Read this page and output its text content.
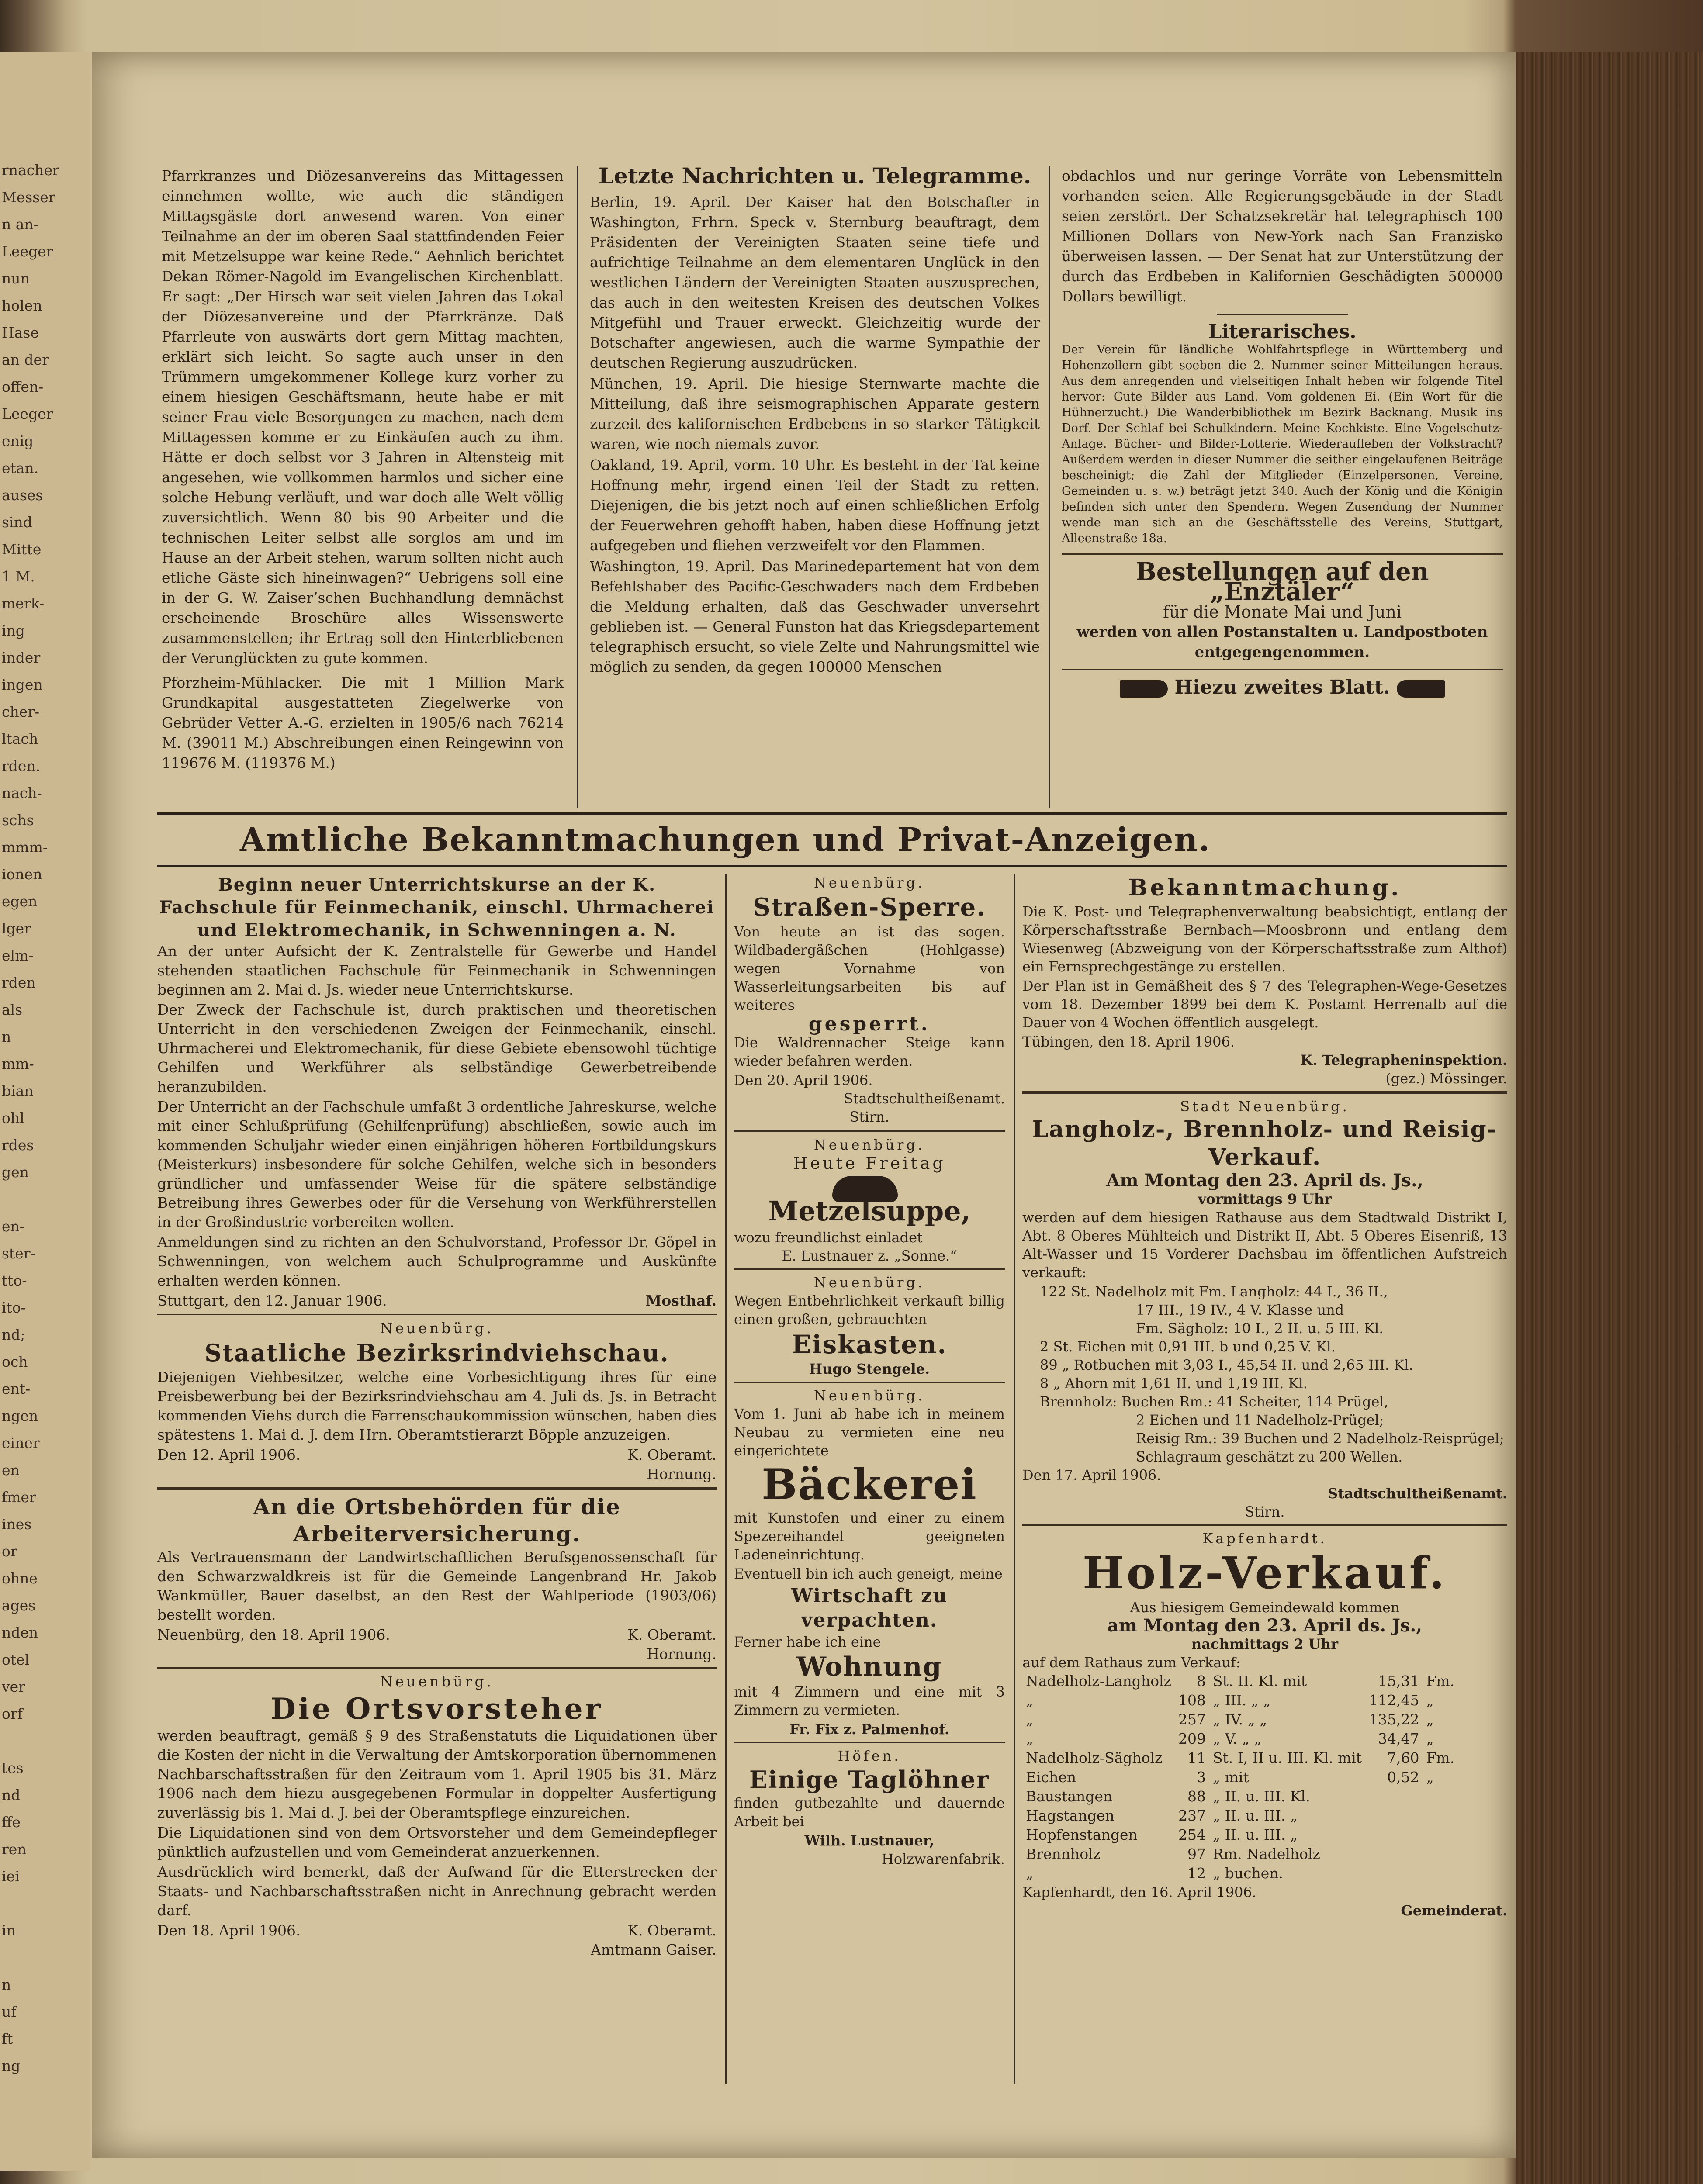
rnacher
Messer
n an-
Leeger
nun
holen
Hase
an der
offen-
Leeger
enig
etan.
auses
sind
Mitte
1 M.
merk-
ing
inder
ingen
cher-
ltach
rden.
nach-
schs
mmm-
ionen
egen
lger
elm-
rden
als
n
mm-
bian
ohl
rdes
gen
en-
ster-
tto-
ito-
nd;
och
ent-
ngen
einer
en
fmer
ines
or
ohne
ages
nden
otel
ver
orf
tes
nd
ffe
ren
iei
in
n
uf
ft
ng

Pfarrkranzes und Diözesanvereins das Mittagessen einnehmen wollte, wie auch die ständigen Mittagsgäste dort anwesend waren. Von einer Teilnahme an der im oberen Saal stattfindenden Feier mit Metzelsuppe war keine Rede.“ Aehnlich berichtet Dekan Römer-Nagold im Evangelischen Kirchenblatt. Er sagt: „Der Hirsch war seit vielen Jahren das Lokal der Diözesanvereine und der Pfarrkränze. Daß Pfarrleute von auswärts dort gern Mittag machten, erklärt sich leicht. So sagte auch unser in den Trümmern umgekommener Kollege kurz vorher zu einem hiesigen Geschäftsmann, heute habe er mit seiner Frau viele Besorgungen zu machen, nach dem Mittagessen komme er zu Einkäufen auch zu ihm. Hätte er doch selbst vor 3 Jahren in Altensteig mit angesehen, wie vollkommen harmlos und sicher eine solche Hebung verläuft, und war doch alle Welt völlig zuversichtlich. Wenn 80 bis 90 Arbeiter und die technischen Leiter selbst alle sorglos am und im Hause an der Arbeit stehen, warum sollten nicht auch etliche Gäste sich hineinwagen?“ Uebrigens soll eine in der G. W. Zaiser’schen Buchhandlung demnächst erscheinende Broschüre alles Wissenswerte zusammenstellen; ihr Ertrag soll den Hinterbliebenen der Verunglückten zu gute kommen.

Pforzheim-Mühlacker. Die mit 1 Million Mark Grundkapital ausgestatteten Ziegelwerke von Gebrüder Vetter A.-G. erzielten in 1905/6 nach 76214 M. (39011 M.) Abschreibungen einen Reingewinn von 119676 M. (119376 M.)

Letzte Nachrichten u. Telegramme.

Berlin, 19. April. Der Kaiser hat den Botschafter in Washington, Frhrn. Speck v. Sternburg beauftragt, dem Präsidenten der Vereinigten Staaten seine tiefe und aufrichtige Teilnahme an dem elementaren Unglück in den westlichen Ländern der Vereinigten Staaten auszusprechen, das auch in den weitesten Kreisen des deutschen Volkes Mitgefühl und Trauer erweckt. Gleichzeitig wurde der Botschafter angewiesen, auch die warme Sympathie der deutschen Regierung auszudrücken.

München, 19. April. Die hiesige Sternwarte machte die Mitteilung, daß ihre seismographischen Apparate gestern zurzeit des kalifornischen Erdbebens in so starker Tätigkeit waren, wie noch niemals zuvor.

Oakland, 19. April, vorm. 10 Uhr. Es besteht in der Tat keine Hoffnung mehr, irgend einen Teil der Stadt zu retten. Diejenigen, die bis jetzt noch auf einen schließlichen Erfolg der Feuerwehren gehofft haben, haben diese Hoffnung jetzt aufgegeben und fliehen verzweifelt vor den Flammen.

Washington, 19. April. Das Marinedepartement hat von dem Befehlshaber des Pacific-Geschwaders nach dem Erdbeben die Meldung erhalten, daß das Geschwader unversehrt geblieben ist. — General Funston hat das Kriegsdepartement telegraphisch ersucht, so viele Zelte und Nahrungsmittel wie möglich zu senden, da gegen 100000 Menschen

obdachlos und nur geringe Vorräte von Lebensmitteln vorhanden seien. Alle Regierungsgebäude in der Stadt seien zerstört. Der Schatzsekretär hat telegraphisch 100 Millionen Dollars von New-York nach San Franzisko überweisen lassen. — Der Senat hat zur Unterstützung der durch das Erdbeben in Kalifornien Geschädigten 500000 Dollars bewilligt.

Literarisches.

Der Verein für ländliche Wohlfahrtspflege in Württemberg und Hohenzollern gibt soeben die 2. Nummer seiner Mitteilungen heraus. Aus dem anregenden und vielseitigen Inhalt heben wir folgende Titel hervor: Gute Bilder aus Land. Vom goldenen Ei. (Ein Wort für die Hühnerzucht.) Die Wanderbibliothek im Bezirk Backnang. Musik ins Dorf. Der Schlaf bei Schulkindern. Meine Kochkiste. Eine Vogelschutz-Anlage. Bücher- und Bilder-Lotterie. Wiederaufleben der Volkstracht? Außerdem werden in dieser Nummer die seither eingelaufenen Beiträge bescheinigt; die Zahl der Mitglieder (Einzelpersonen, Vereine, Gemeinden u. s. w.) beträgt jetzt 340. Auch der König und die Königin befinden sich unter den Spendern. Wegen Zusendung der Nummer wende man sich an die Geschäftsstelle des Vereins, Stuttgart, Alleenstraße 18a.

Bestellungen auf den „Enztäler“
für die Monate Mai und Juni
werden von allen Postanstalten u. Landpostboten entgegengenommen.
Hiezu zweites Blatt.
Amtliche Bekanntmachungen und Privat-Anzeigen.
Beginn neuer Unterrichtskurse an der K. Fachschule für Feinmechanik, einschl. Uhrmacherei und Elektromechanik, in Schwenningen a. N.

An der unter Aufsicht der K. Zentralstelle für Gewerbe und Handel stehenden staatlichen Fachschule für Feinmechanik in Schwenningen beginnen am 2. Mai d. Js. wieder neue Unterrichtskurse.

Der Zweck der Fachschule ist, durch praktischen und theoretischen Unterricht in den verschiedenen Zweigen der Feinmechanik, einschl. Uhrmacherei und Elektromechanik, für diese Gebiete ebensowohl tüchtige Gehilfen und Werkführer als selbständige Gewerbetreibende heranzubilden.

Der Unterricht an der Fachschule umfaßt 3 ordentliche Jahreskurse, welche mit einer Schlußprüfung (Gehilfenprüfung) abschließen, sowie auch im kommenden Schuljahr wieder einen einjährigen höheren Fortbildungskurs (Meisterkurs) insbesondere für solche Gehilfen, welche sich in besonders gründlicher und umfassender Weise für die spätere selbständige Betreibung ihres Gewerbes oder für die Versehung von Werkführerstellen in der Großindustrie vorbereiten wollen.

Anmeldungen sind zu richten an den Schulvorstand, Professor Dr. Göpel in Schwenningen, von welchem auch Schulprogramme und Auskünfte erhalten werden können.

Stuttgart, den 12. Januar 1906.	Mosthaf.
Neuenbürg.
Staatliche Bezirksrindviehschau.

Diejenigen Viehbesitzer, welche eine Vorbesichtigung ihres für eine Preisbewerbung bei der Bezirksrindviehschau am 4. Juli ds. Js. in Betracht kommenden Viehs durch die Farrenschaukommission wünschen, haben dies spätestens 1. Mai d. J. dem Hrn. Oberamtstierarzt Böpple anzuzeigen.

Den 12. April 1906.	K. Oberamt.
Hornung.
An die Ortsbehörden für die Arbeiterversicherung.

Als Vertrauensmann der Landwirtschaftlichen Berufsgenossenschaft für den Schwarzwaldkreis ist für die Gemeinde Langenbrand Hr. Jakob Wankmüller, Bauer daselbst, an den Rest der Wahlperiode (1903/06) bestellt worden.

Neuenbürg, den 18. April 1906.	K. Oberamt.
Hornung.
Neuenbürg.
Die Ortsvorsteher

werden beauftragt, gemäß § 9 des Straßenstatuts die Liquidationen über die Kosten der nicht in die Verwaltung der Amtskorporation übernommenen Nachbarschaftsstraßen für den Zeitraum vom 1. April 1905 bis 31. März 1906 nach dem hiezu ausgegebenen Formular in doppelter Ausfertigung zuverlässig bis 1. Mai d. J. bei der Oberamtspflege einzureichen.

Die Liquidationen sind von dem Ortsvorsteher und dem Gemeindepfleger pünktlich aufzustellen und vom Gemeinderat anzuerkennen.

Ausdrücklich wird bemerkt, daß der Aufwand für die Etterstrecken der Staats- und Nachbarschaftsstraßen nicht in Anrechnung gebracht werden darf.

Den 18. April 1906.	K. Oberamt.
Amtmann Gaiser.
Neuenbürg.
Straßen-Sperre.

Von heute an ist das sogen. Wildbadergäßchen (Hohlgasse) wegen Vornahme von Wasserleitungsarbeiten bis auf weiteres

gesperrt.

Die Waldrennacher Steige kann wieder befahren werden.

Den 20. April 1906.
Stadtschultheißenamt.
Stirn.
Neuenbürg.
Heute Freitag
Metzelsuppe,
wozu freundlichst einladet
E. Lustnauer z. „Sonne.“
Neuenbürg.

Wegen Entbehrlichkeit verkauft billig einen großen, gebrauchten

Eiskasten.
Hugo Stengele.
Neuenbürg.

Vom 1. Juni ab habe ich in meinem Neubau zu vermieten eine neu eingerichtete

Bäckerei

mit Kunstofen und einer zu einem Spezereihandel geeigneten Ladeneinrichtung.

Eventuell bin ich auch geneigt, meine

Wirtschaft zu verpachten.
Ferner habe ich eine
Wohnung

mit 4 Zimmern und eine mit 3 Zimmern zu vermieten.

Fr. Fix z. Palmenhof.
Höfen.
Einige Taglöhner

finden gutbezahlte und dauernde Arbeit bei

Wilh. Lustnauer,
Holzwarenfabrik.
Bekanntmachung.

Die K. Post- und Telegraphenverwaltung beabsichtigt, entlang der Körperschaftsstraße Bernbach—Moosbronn und entlang dem Wiesenweg (Abzweigung von der Körperschaftsstraße zum Althof) ein Fernsprechgestänge zu erstellen.

Der Plan ist in Gemäßheit des § 7 des Telegraphen-Wege-Gesetzes vom 18. Dezember 1899 bei dem K. Postamt Herrenalb auf die Dauer von 4 Wochen öffentlich ausgelegt.

Tübingen, den 18. April 1906.
K. Telegrapheninspektion.
(gez.) Mössinger.
Stadt Neuenbürg.
Langholz-, Brennholz- und Reisig-Verkauf.
Am Montag den 23. April ds. Js.,
vormittags 9 Uhr

werden auf dem hiesigen Rathause aus dem Stadtwald Distrikt I, Abt. 8 Oberes Mühlteich und Distrikt II, Abt. 5 Oberes Eisenriß, 13 Alt-Wasser und 15 Vorderer Dachsbau im öffentlichen Aufstreich verkauft:

122 St. Nadelholz mit Fm. Langholz: 44 I., 36 II.,
17 III., 19 IV., 4 V. Klasse und
Fm. Sägholz: 10 I., 2 II. u. 5 III. Kl.
2 St. Eichen mit 0,91 III. b und 0,25 V. Kl.
89 „ Rotbuchen mit 3,03 I., 45,54 II. und 2,65 III. Kl.
8 „ Ahorn mit 1,61 II. und 1,19 III. Kl.
Brennholz: Buchen Rm.: 41 Scheiter, 114 Prügel,
2 Eichen und 11 Nadelholz-Prügel;
Reisig Rm.: 39 Buchen und 2 Nadelholz-Reisprügel;
Schlagraum geschätzt zu 200 Wellen.
Den 17. April 1906.
Stadtschultheißenamt.
Stirn.
Kapfenhardt.
Holz-Verkauf.
Aus hiesigem Gemeindewald kommen
am Montag den 23. April ds. Js.,
nachmittags 2 Uhr
auf dem Rathaus zum Verkauf:
Nadelholz-Langholz	8	St. II. Kl. mit	15,31	Fm.
„	108	„ III. „ „	112,45	„
„	257	„ IV. „ „	135,22	„
„	209	„ V. „ „	34,47	„
Nadelholz-Sägholz	11	St. I, II u. III. Kl. mit	7,60	Fm.
Eichen	3	„ mit	0,52	„
Baustangen	88	„ II. u. III. Kl.		
Hagstangen	237	„ II. u. III. „		
Hopfenstangen	254	„ II. u. III. „		
Brennholz	97	Rm. Nadelholz		
„	12	„ buchen.		
Kapfenhardt, den 16. April 1906.
Gemeinderat.
